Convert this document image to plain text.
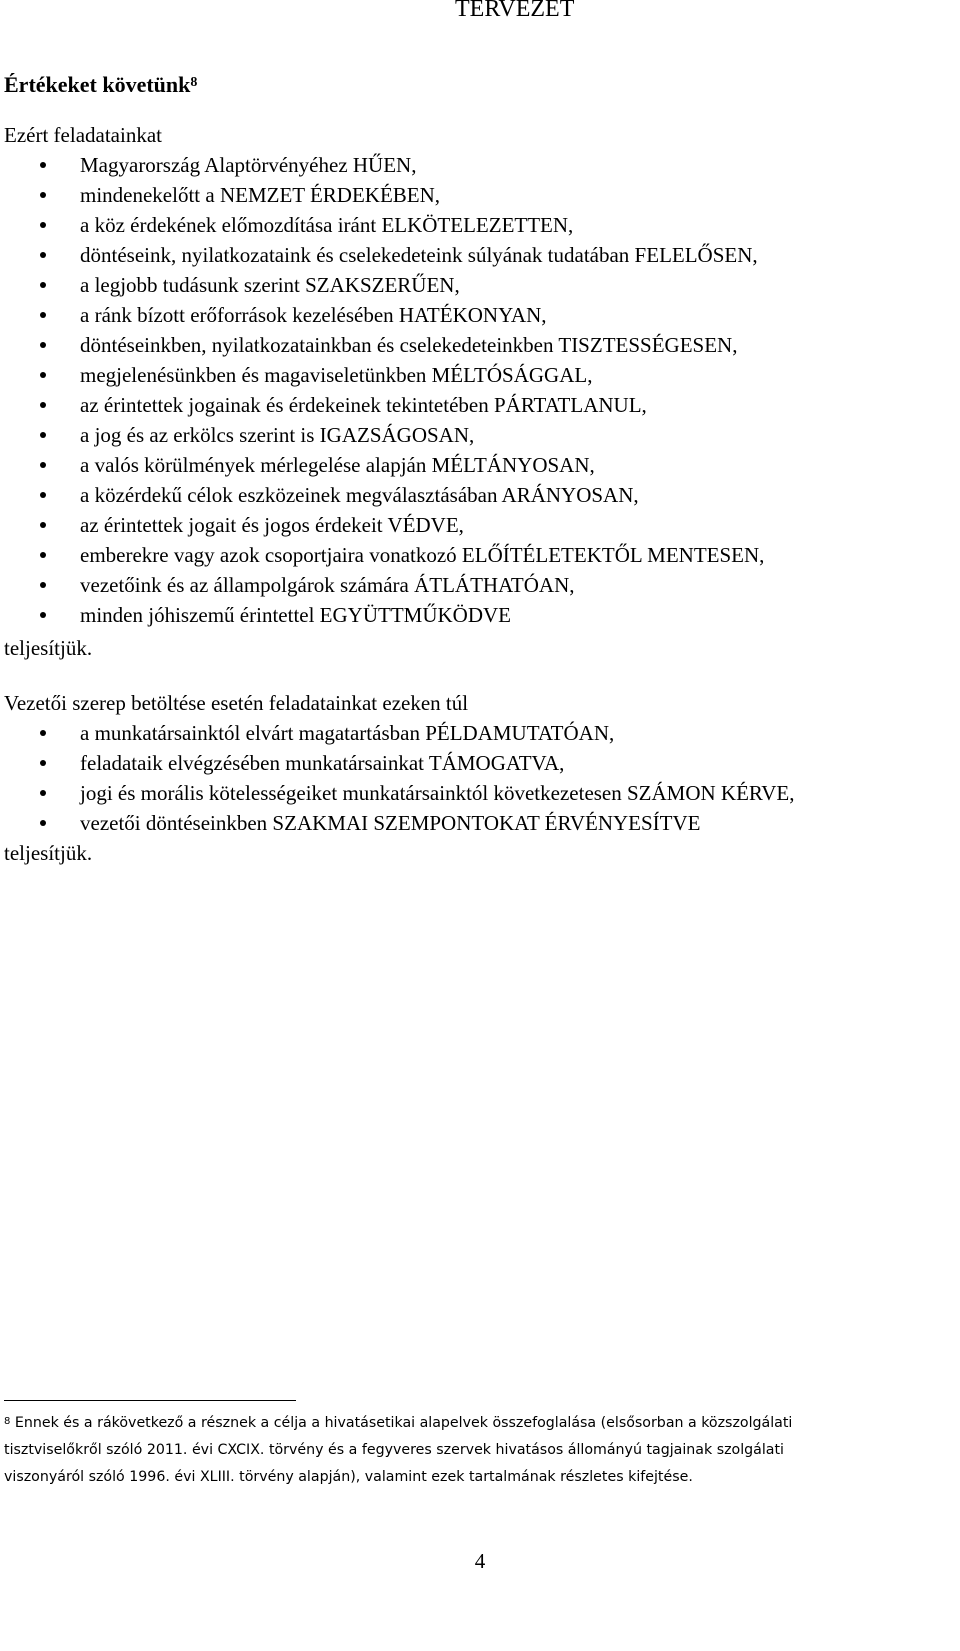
TERVEZET
Értékeket követünk$^8$

Ezért feladatainkat

Magyarország Alaptörvényéhez HŰEN,
mindenekelőtt a NEMZET ÉRDEKÉBEN,
a köz érdekének előmozdítása iránt ELKÖTELEZETTEN,
döntéseink, nyilatkozataink és cselekedeteink súlyának tudatában FELELŐSEN,
a legjobb tudásunk szerint SZAKSZERŰEN,
a ránk bízott erőforrások kezelésében HATÉKONYAN,
döntéseinkben, nyilatkozatainkban és cselekedeteinkben TISZTESSÉGESEN,
megjelenésünkben és magaviseletünkben MÉLTÓSÁGGAL,
az érintettek jogainak és érdekeinek tekintetében PÁRTATLANUL,
a jog és az erkölcs szerint is IGAZSÁGOSAN,
a valós körülmények mérlegelése alapján MÉLTÁNYOSAN,
a közérdekű célok eszközeinek megválasztásában ARÁNYOSAN,
az érintettek jogait és jogos érdekeit VÉDVE,
emberekre vagy azok csoportjaira vonatkozó ELŐÍTÉLETEKTŐL MENTESEN,
vezetőink és az állampolgárok számára ÁTLÁTHATÓAN,
minden jóhiszemű érintettel EGYÜTTMŰKÖDVE

teljesítjük.

Vezetői szerep betöltése esetén feladatainkat ezeken túl

a munkatársainktól elvárt magatartásban PÉLDAMUTATÓAN,
feladataik elvégzésében munkatársainkat TÁMOGATVA,
jogi és morális kötelességeiket munkatársainktól következetesen SZÁMON KÉRVE,
vezetői döntéseinkben SZAKMAI SZEMPONTOKAT ÉRVÉNYESÍTVE

teljesítjük.

$^8$ Ennek és a rákövetkező a résznek a célja a hivatásetikai alapelvek összefoglalása (elsősorban a közszolgálati
tisztviselőkről szóló 2011. évi CXCIX. törvény és a fegyveres szervek hivatásos állományú tagjainak szolgálati
viszonyáról szóló 1996. évi XLIII. törvény alapján), valamint ezek tartalmának részletes kifejtése.

4
